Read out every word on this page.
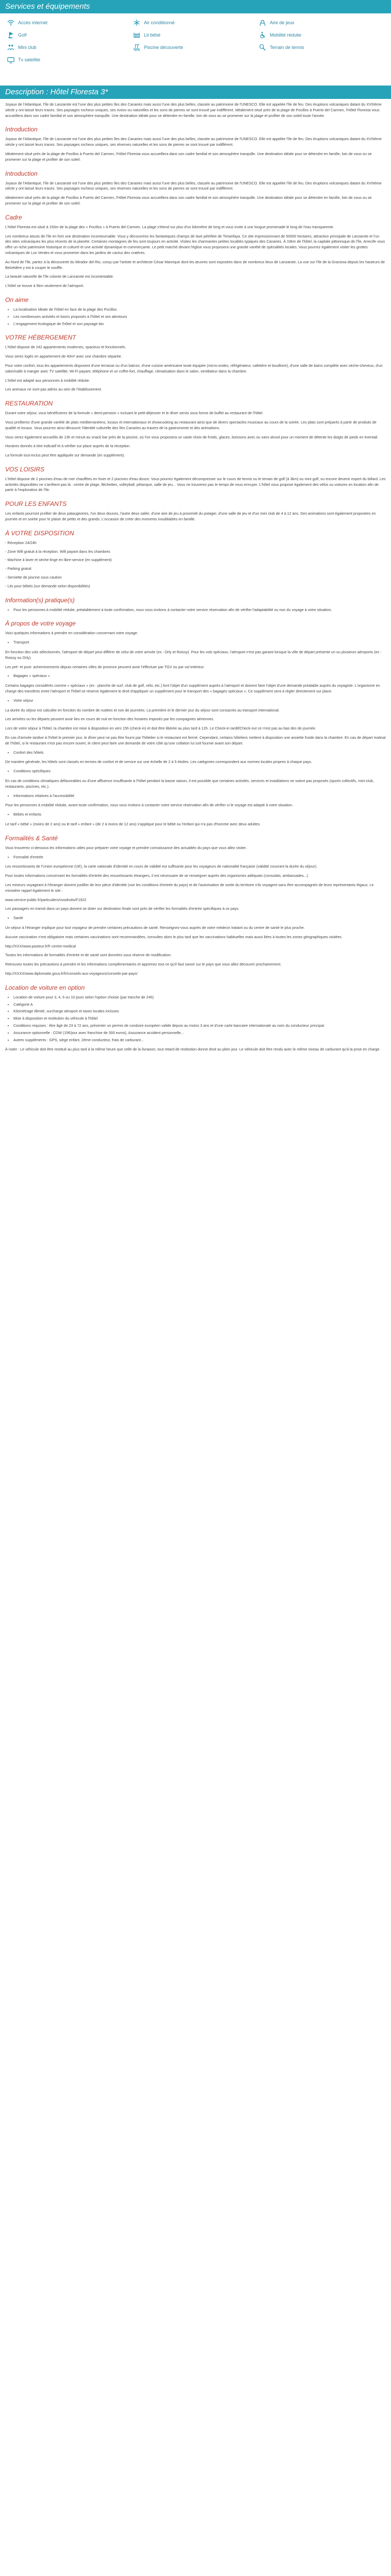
Services et équipements
Accès internet	Air conditionné	Aire de jeux
Golf	Lit bébé	Mobilité réduite
Mini club	Piscine découverte	Terrain de tennis
Tv satellite
Description : Hôtel Floresta 3*

Joyaux de l'Atlantique, l'île de Lanzarote est l'une des plus petites îles des Canaries mais aussi l'une des plus belles, classée au patrimoine de l'UNESCO. Elle est appelée l'île de feu. Des éruptions volcaniques datant du XVIIIème siècle y ont laissé leurs traces. Ses paysages rocheux uniques, ses rivesv ou naturelles et les sons de pierres se sont trouvé par indifférent. Idéalement situé près de la plage de Pocillos à Puerto del Carmen, l'Hôtel Floresta vous accueillera dans son cadre familial et son atmosphère tranquille. Une destination idéale pour se détendre en famille, loin de vous au se promener sur la plage et profiter de son soleil toute l'année.

Introduction

Joyaux de l'Atlantique, l'île de Lanzarote est l'une des plus petites îles des Canaries mais aussi l'une des plus belles, classée au patrimoine de l'UNESCO. Elle est appelée l'île de feu. Des éruptions volcaniques datant du XVIIIème siècle y ont laissé leurs traces. Ses paysages rocheux uniques, ses réserves naturelles et les sons de pierres se sont trouvé par indifférent.

Idéalement situé près de la plage de Pocillos à Puerto del Carmen, l'Hôtel Floresta vous accueillera dans son cadre familial et son atmosphère tranquille. Une destination idéale pour se détendre en famille, loin de vous ou se promener sur la plage et profiter de son soleil.

Introduction

Joyaux de l'Atlantique, l'île de Lanzarote est l'une des plus petites îles des Canaries mais aussi l'une des plus belles, classée au patrimoine de l'UNESCO. Elle est appelée l'île de feu. Des éruptions volcaniques datant du XVIIIème siècle y ont laissé leurs traces. Ses paysages rocheux uniques, ses réserves naturelles et les sons de pierres se sont trouvé par indifférent.

Idéalement situé près de la plage de Pocillos à Puerto del Carmen, l'Hôtel Floresta vous accueillera dans son cadre familial et son atmosphère tranquille. Une destination idéale pour se détendre en famille, loin de vous ou se promener sur la plage et profiter de son soleil.

Cadre

L'hôtel Floresta est situé à 150m de la plage des « Pocillos » à Puerto del Carmen. La plage s'étend sur plus d'un kilomètre de long et vous invite à une longue promenade le long de l'eau transparente.

Les nombreux atouts de l'île en font une destination incontournable. Vous y découvrirez les fantastiques champs de lave pétrifiée de Timanfaya. Ce site impressionnant de 50000 hectares, attraction principale de Lanzarote et l'un des sites volcaniques les plus récents de la planète. Certaines montagnes de feu sont toujours en activité. Visitez les charmantes petites localités typiques des Canaries. À 10km de l'hôtel, la capitale pittoresque de l'île, Arrecife vous offre un riche patrimoine historique et culturel et une activité dynamique et commerçante. Le petit marché devant l'église vous proposera une grande variété de spécialités locales. Vous pourrez également visiter les grottes volcaniques de Los Verdes et vous promener dans les jardins de cactus des cratères.

Au Nord de l'île, partez à la découverte du Mirador del Rio, conçu par l'artiste et architecte César Manrique dont les œuvres sont exposées dans de nombreux lieux de Lanzarote. La vue sur l'île de la Graciosa depuis les hauteurs de Belvédère y est à couper le souffle.

La beauté naturelle de l'île colonie de Lanzarote est incontestable.

L'hôtel se trouve à 5km seulement de l'aéroport.

On aime
• La localisation idéale de l'hôtel en face de la plage des Pocillos
• Les nombreuses activités et loisirs proposés à l'hôtel et ses alentours
• L'engagement écologique de l'hôtel et son paysage bio
VOTRE HÉBERGEMENT

L'hôtel dispose de 242 appartements modernes, spacieux et fonctionnels.

Vous serez logés en appartement de 40m² avec une chambre séparée.

Pour votre confort, tous les appartements disposent d'une terrasse ou d'un balcon, d'une cuisine américaine toute équipée (micro-ondes, réfrigérateur, cafetière et bouilloire), d'une salle de bains complète avec sèche-cheveux, d'un salon/salle à manger avec TV satellite, Wi-Fi payant, téléphone et un coffre-fort, chauffage, climatisation dans le salon, ventilateur dans la chambre.

L'hôtel est adapté aux personnes à mobilité réduite.

Les animaux ne sont pas admis au sein de l'établissement.

RESTAURATION

Durant votre séjour, vous bénéficierez de la formule « demi-pension » incluant le petit-déjeuner et le dîner servis sous forme de buffet au restaurant de l'hôtel.

Vous profiterez d'une grande variété de plats méditerranéens, locaux et internationaux et showcooking au restaurant ainsi que de divers spectacles musicaux au cours de la soirée. Les plats sont préparés à partir de produits de qualité et locaux. Vous pourrez ainsi découvrir l'identité culturelle des îles Canaries au travers de la gastronomie et des animations.

Vous serez également accueillis de 13h et minuit au snack bar près de la piscine, où l'on vous proposera un vaste choix de froids, glaces, boissons avec ou sans alcool pour un moment de détente les doigts de pieds en éventail.

Horaires donnés à titre indicatif et à vérifier sur place auprès de la réception.

La formule tout-inclus peut être appliquée sur demande (en supplément).

VOS LOISIRS

L'hôtel dispose de 2 piscines d'eau de mer chauffées en hiver et 2 piscines d'eau douce. Vous pourrez également décompresser sur le cours de tennis ou le terrain de golf (à 3km) ou mini golf, ou encore devenir expert du billard. Les activités disponibles ne s'arrêtent pas là : centre de plage, fléchettes, volleyball, pétanque, salle de jeu... Vous ne trouverez pas le temps de vous ennuyer. L'hôtel vous propose également des vélos ou voitures en location afin de partir à l'exploration de l'île.

POUR LES ENFANTS

Les enfants pourront profiter de deux pataugeoires, l'un deux douces, l'autre deux salée, d'une aire de jeu à proximité du potager, d'une salle de jeu et d'un mini club de 4 à 12 ans. Des animations sont également proposées en journée et en soirée pour le plaisir de petits et des grands. L'occasion de créer des moments inoubliables en famille.

À VOTRE DISPOSITION

- Réception 24/24h

- Zone Wifi gratuit à la réception. Wifi payant dans les chambres

- Machine à laver et sèche-linge en libre-service (en supplément)

- Parking gratuit

- Serviette de piscine sous caution

- Lits pour bébés (sur demande selon disponibilités)

Information(s) pratique(s)
• Pour les personnes à mobilité réduite, préalablement à toute confirmation, nous vous invitons à contacter notre service réservation afin de vérifier l'adaptabilité ou non du voyage à votre situation.
À propos de votre voyage

Voici quelques informations à prendre en considération concernant votre voyage.

• Transport

En fonction des vols sélectionnés, l'aéroport de départ peut différer de celui de votre arrivée (ex : Orly et Roissy). Pour les vols spéciaux, l'aéroport n'est pas garanti lorsque la ville de départ présente un ou plusieurs aéroports (ex : Roissy ou Orly).

Les pré- et post- acheminements depuis certaines villes de province peuvent avoir l'effectuer par TGV ou par vol intérieur.

• Bagages « spéciaux »

Certains bagages considérés comme « spéciaux » (ex : planche de surf, club de golf, vélo, etc.) font l'objet d'un supplément auprès à l'aéroport et doivent faire l'objet d'une demande préalable auprès du voyagiste. L'organisme en charge des transferts entre l'aéroport et l'hôtel se réserve également le droit d'appliquer un supplément pour le transport des « bagages spéciaux ». Ce supplément sera à régler directement sur place.

• Votre séjour

La durée du séjour est calculée en fonction du nombre de nuitées et non de journées. La première et le dernier jour du séjour sont consacrés au transport international.

Les arrivées ou les départs peuvent avoir lieu en cours de nuit en fonction des horaires imposés par les compagnies aériennes.

Lors de votre séjour à l'hôtel, la chambre est mise à disposition en vers 15h (check-in) et doit être libérée au plus tard à 12h. Le Check-in tardif/Check-out ce n'est pas au bas des de journée.

En cas d'arrivée tardive à l'hôtel le premier jour, le dîner peut ne pas être fourni par l'hôtelier si le restaurant est fermé. Cependant, certains hôteliers mettent à disposition une assiette froide dans la chambre. En cas de départ matinal de l'hôtel, si le restaurant n'est pas encore ouvert, le client peut faire une demande de votre côté qu'une collation lui soit fournie avant son départ.

• Confort des hôtels

De manière générale, les hôtels sont classés en termes de confort et de service sur une échelle de 2 à 5 étoiles. Les catégories correspondent aux normes locales propres à chaque pays.

• Conditions spécifiques

En cas de conditions climatiques défavorables ou d'une affluence insuffisante à l'hôtel pendant la basse saison, il est possible que certaines activités, services et installations ne soient pas proposés (sports collectifs, mini-club, restaurants, piscines, etc.).

• Informations relatives à l'accessibilité

Pour les personnes à mobilité réduite, avant toute confirmation, nous vous invitons à contacter notre service réservation afin de vérifier si le voyage est adapté à votre situation.

• Bébés et enfants

Le tarif « bébé » (moins de 2 ans) ou le tarif « enfant » (de 2 à moins de 12 ans) s'applique pour le bébé ou l'enfant qui n'a pas d'homme avec deux adultes.

Formalités & Santé

Vous trouverez ci-dessous les informations utiles pour préparer votre voyage et prendre connaissance des actualités du pays que vous allez visiter.

• Formalité d'entrée

Les ressortissants de l'Union européenne (UE), la carte nationale d'identité en cours de validité est suffisante pour les voyageurs de nationalité française (validité couvrant la durée du séjour).

Pour toutes informations concernant les formalités d'entrée des ressortissants étrangers, il est nécessaire de se renseigner auprès des organismes adéquats (consulats, ambassades...).

Les mineurs voyageant à l'étranger doivent justifier de leur pièce d'identité (voir les conditions d'entrée du pays) et de l'autorisation de sortie du territoire s'ils voyagent sans être accompagnés de leurs représentants légaux. Le ministère rappel également le site :

www.service-public.fr/particuliers/vosdroits/F1922

Les passagers en transit dans un pays doivent se doter sur destination finale sont prés de vérifier les formalités d'entrée spécifiques à ce pays.

• Santé

Un séjour à l'étranger implique pour tout voyageur de prendre certaines précautions de santé. Renseignez-vous auprès de votre médecin traitant ou du centre de santé le plus proche.

Aucune vaccination n'est obligatoire mais certaines vaccinations sont recommandées, consultez alors le plus tard que les vaccinations habituelles mais aussi liées à toutes les zones géographiques visitées.

http://XXX/www.pasteur.fr/fr centre-medical

Toutes les informations de formalités d'entrée et de santé sont données sous réserve de modification.

Retrouvez toutes les précautions à prendre et les informations complémentaires et apprenez tout ce qu'il faut savoir sur le pays que vous allez découvrir prochainement.

http://XXXX/www.diplomatie.gouv.fr/fr/conseils-aux-voyageurs/conseils-par-pays/

Location de voiture en option
• Location de voiture pour 3, 4, 6 ou 10 jours selon l'option choisie (par tranche de 24h)
• Catégorie A
• Kilométrage illimité, surcharge aéroport et taxes locales incluses
• Mise à disposition et restitution du véhicule à l'hôtel
• Conditions requises : être âgé de 23 à 72 ans, présenter un permis de conduire européen valide depuis au moins 3 ans et d'une carte bancaire internationale au nom du conducteur principal.
• Assurance optionnelle : CDW (15€/jour avec franchise de 300 euros), Assurance accident personnelle...
• Autres suppléments : GPS, siège enfant, 2ème conducteur, frais de carburant...

À noter : Le véhicule doit être restitué au plus tard à la même heure que celle de la livraison, tout retard de restitution donne droit au plein jour. Le véhicule doit être rendu avec le même niveau de carburant qu'à la prise en charge.
